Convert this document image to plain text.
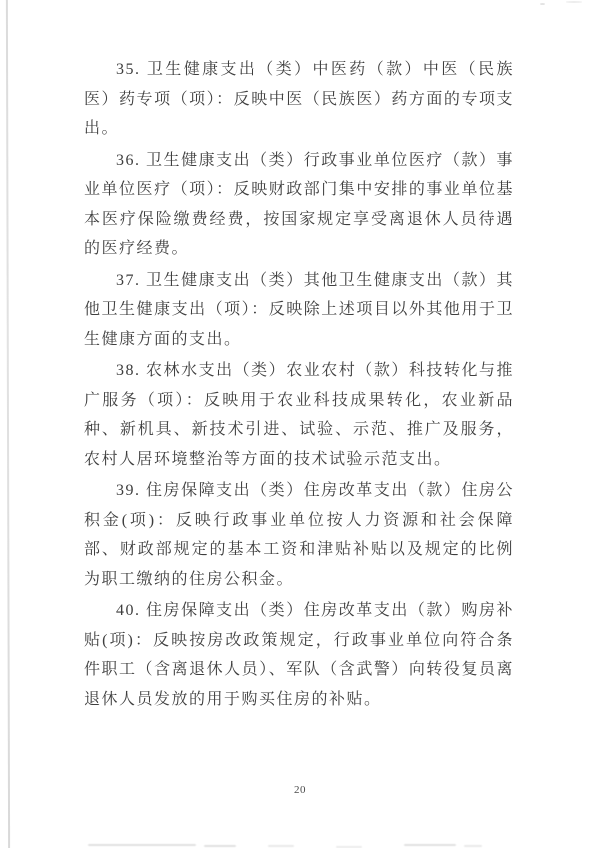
35. 卫生健康支出（类）中医药（款）中医（民族医）药专项（项）：反映中医（民族医）药方面的专项支出。

36. 卫生健康支出（类）行政事业单位医疗（款）事业单位医疗（项）：反映财政部门集中安排的事业单位基本医疗保险缴费经费，按国家规定享受离退休人员待遇的医疗经费。

37. 卫生健康支出（类）其他卫生健康支出（款）其他卫生健康支出（项）：反映除上述项目以外其他用于卫生健康方面的支出。

38. 农林水支出（类）农业农村（款）科技转化与推广服务（项）：反映用于农业科技成果转化，农业新品种、新机具、新技术引进、试验、示范、推广及服务，农村人居环境整治等方面的技术试验示范支出。

39. 住房保障支出（类）住房改革支出（款）住房公积金(项)：反映行政事业单位按人力资源和社会保障部、财政部规定的基本工资和津贴补贴以及规定的比例为职工缴纳的住房公积金。

40. 住房保障支出（类）住房改革支出（款）购房补贴(项)：反映按房改政策规定，行政事业单位向符合条件职工（含离退休人员）、军队（含武警）向转役复员离退休人员发放的用于购买住房的补贴。

20
